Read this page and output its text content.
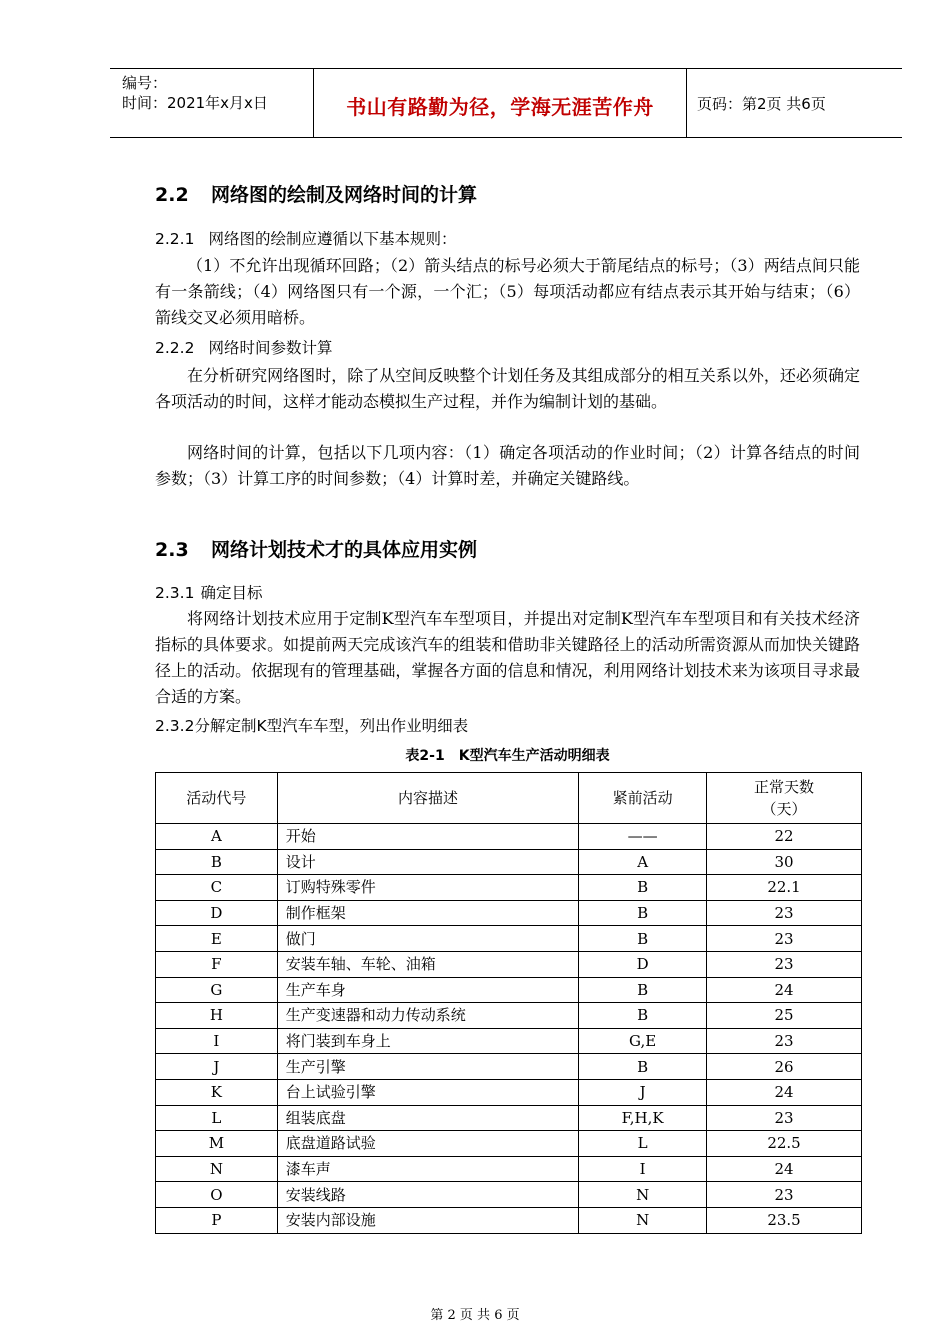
编号：
时间：2021年x月x日	书山有路勤为径，学海无涯苦作舟	页码：第2页 共6页
2.2 网络图的绘制及网络时间的计算
2.2.1 网络图的绘制应遵循以下基本规则：

（1）不允许出现循环回路；（2）箭头结点的标号必须大于箭尾结点的标号；（3）两结点间只能有一条箭线；（4）网络图只有一个源，一个汇；（5）每项活动都应有结点表示其开始与结束；（6）箭线交叉必须用暗桥。

2.2.2 网络时间参数计算

在分析研究网络图时，除了从空间反映整个计划任务及其组成部分的相互关系以外，还必须确定各项活动的时间，这样才能动态模拟生产过程，并作为编制计划的基础。

网络时间的计算，包括以下几项内容：（1）确定各项活动的作业时间；（2）计算各结点的时间参数；（3）计算工序的时间参数；（4）计算时差，并确定关键路线。

2.3 网络计划技术才的具体应用实例
2.3.1 确定目标

将网络计划技术应用于定制K型汽车车型项目，并提出对定制K型汽车车型项目和有关技术经济指标的具体要求。如提前两天完成该汽车的组装和借助非关键路径上的活动所需资源从而加快关键路径上的活动。依据现有的管理基础，掌握各方面的信息和情况，利用网络计划技术来为该项目寻求最合适的方案。

2.3.2分解定制K型汽车车型，列出作业明细表
表2-1　K型汽车生产活动明细表
活动代号	内容描述	紧前活动	正常天数（天）
A	开始	——	22
B	设计	A	30
C	订购特殊零件	B	22.1
D	制作框架	B	23
E	做门	B	23
F	安装车轴、车轮、油箱	D	23
G	生产车身	B	24
H	生产变速器和动力传动系统	B	25
I	将门装到车身上	G,E	23
J	生产引擎	B	26
K	台上试验引擎	J	24
L	组装底盘	F,H,K	23
M	底盘道路试验	L	22.5
N	漆车声	I	24
O	安装线路	N	23
P	安装内部设施	N	23.5
第 2 页 共 6 页
